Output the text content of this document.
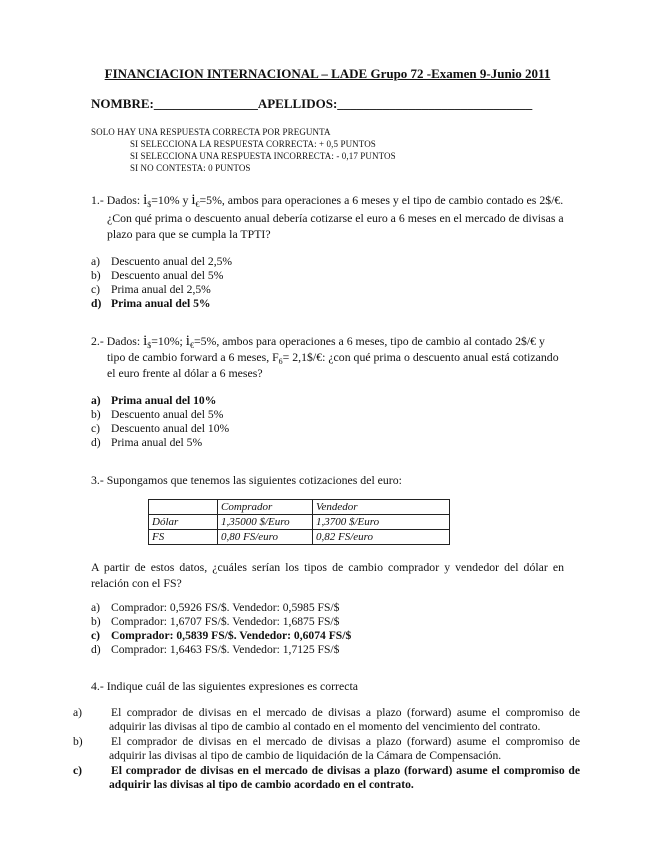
FINANCIACION INTERNACIONAL – LADE Grupo 72 -Examen 9-Junio 2011
NOMBRE:________________APELLIDOS:______________________________
SOLO HAY UNA RESPUESTA CORRECTA POR PREGUNTA
SI SELECCIONA LA RESPUESTA CORRECTA: + 0,5 PUNTOS
SI SELECCIONA UNA RESPUESTA INCORRECTA: - 0,17 PUNTOS
SI NO CONTESTA: 0 PUNTOS
1.- Dados: $i_{\$}=10\%$ y $i_€=5\%$, ambos para operaciones a 6 meses y el tipo de cambio contado es 2$/€.
¿Con qué prima o descuento anual debería cotizarse el euro a 6 meses en el mercado de divisas a
plazo para que se cumpla la TPTI?
a) Descuento anual del 2,5%
b) Descuento anual del 5%
c) Prima anual del 2,5%
d) Prima anual del 5%
2.- Dados: $i_{\$}=10\%$; $i_€=5\%$, ambos para operaciones a 6 meses, tipo de cambio al contado 2$/€ y
tipo de cambio forward a 6 meses, $F_6=$ 2,1$/€: ¿con qué prima o descuento anual está cotizando
el euro frente al dólar a 6 meses?
a) Prima anual del 10%
b) Descuento anual del 5%
c) Descuento anual del 10%
d) Prima anual del 5%
3.- Supongamos que tenemos las siguientes cotizaciones del euro:
	Comprador	Vendedor
Dólar	1,35000 $/Euro	1,3700 $/Euro
FS	0,80 FS/euro	0,82 FS/euro
A partir de estos datos, ¿cuáles serían los tipos de cambio comprador y vendedor del dólar en relación con el FS?
a) Comprador: 0,5926 FS/$. Vendedor: 0,5985 FS/$
b) Comprador: 1,6707 FS/$. Vendedor: 1,6875 FS/$
c) Comprador: 0,5839 FS/$. Vendedor: 0,6074 FS/$
d) Comprador: 1,6463 FS/$. Vendedor: 1,7125 FS/$
4.- Indique cuál de las siguientes expresiones es correcta
a) El comprador de divisas en el mercado de divisas a plazo (forward) asume el compromiso de adquirir las divisas al tipo de cambio al contado en el momento del vencimiento del contrato.
b) El comprador de divisas en el mercado de divisas a plazo (forward) asume el compromiso de adquirir las divisas al tipo de cambio de liquidación de la Cámara de Compensación.
c) El comprador de divisas en el mercado de divisas a plazo (forward) asume el compromiso de adquirir las divisas al tipo de cambio acordado en el contrato.
